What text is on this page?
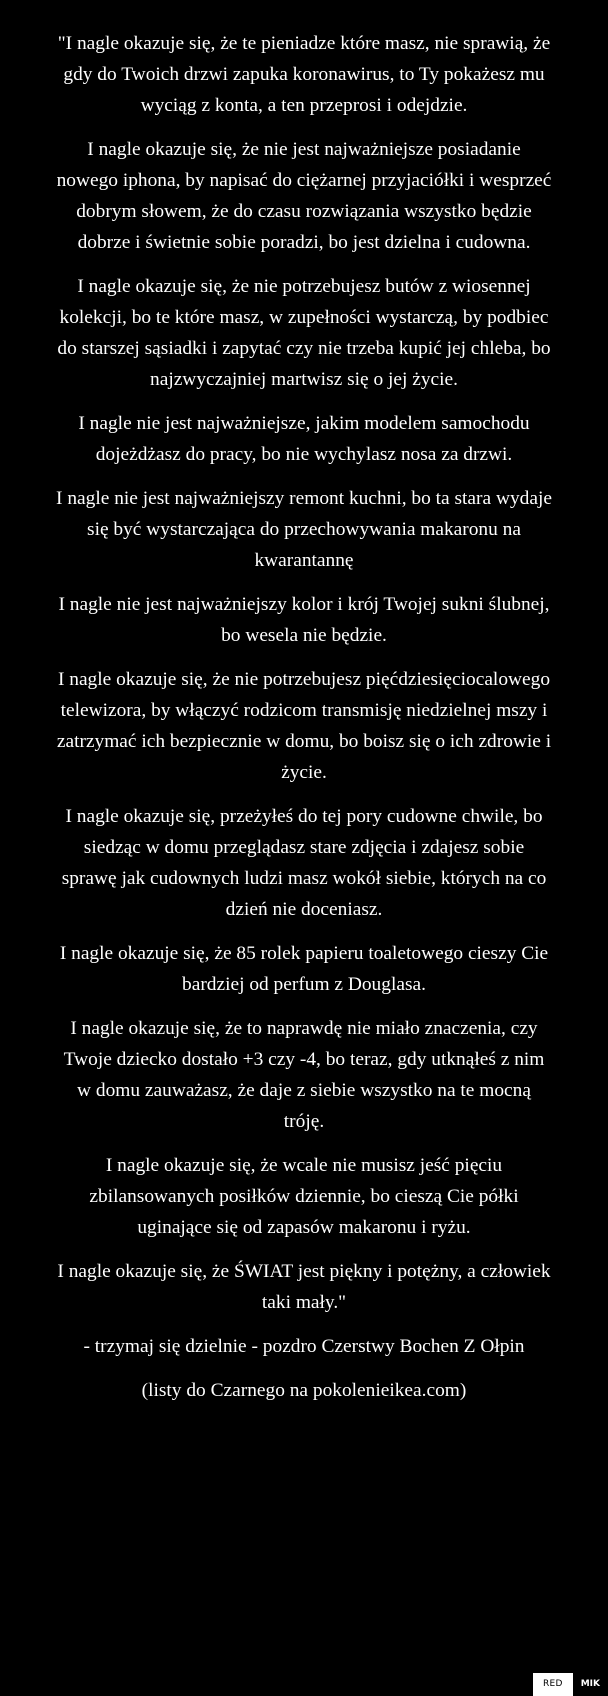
"I nagle okazuje się, że te pieniadze które masz, nie sprawią, że gdy do Twoich drzwi zapuka koronawirus, to Ty pokażesz mu wyciąg z konta, a ten przeprosi i odejdzie.

I nagle okazuje się, że nie jest najważniejsze posiadanie nowego iphona, by napisać do ciężarnej przyjaciółki i wesprzeć dobrym słowem, że do czasu rozwiązania wszystko będzie dobrze i świetnie sobie poradzi, bo jest dzielna i cudowna.

I nagle okazuje się, że nie potrzebujesz butów z wiosennej kolekcji, bo te które masz, w zupełności wystarczą, by podbiec do starszej sąsiadki i zapytać czy nie trzeba kupić jej chleba, bo najzwyczajniej martwisz się o jej życie.

I nagle nie jest najważniejsze, jakim modelem samochodu dojeżdżasz do pracy, bo nie wychylasz nosa za drzwi.

I nagle nie jest najważniejszy remont kuchni, bo ta stara wydaje się być wystarczająca do przechowywania makaronu na kwarantannę

I nagle nie jest najważniejszy kolor i krój Twojej sukni ślubnej, bo wesela nie będzie.

I nagle okazuje się, że nie potrzebujesz pięćdziesięciocalowego telewizora, by włączyć rodzicom transmisję niedzielnej mszy i zatrzymać ich bezpiecznie w domu, bo boisz się o ich zdrowie i życie.

I nagle okazuje się, przeżyłeś do tej pory cudowne chwile, bo siedząc w domu przeglądasz stare zdjęcia i zdajesz sobie sprawę jak cudownych ludzi masz wokół siebie, których na co dzień nie doceniasz.

I nagle okazuje się, że 85 rolek papieru toaletowego cieszy Cie bardziej od perfum z Douglasa.

I nagle okazuje się, że to naprawdę nie miało znaczenia, czy Twoje dziecko dostało +3 czy -4, bo teraz, gdy utknąłeś z nim w domu zauważasz, że daje z siebie wszystko na te mocną tróję.

I nagle okazuje się, że wcale nie musisz jeść pięciu zbilansowanych posiłków dziennie, bo cieszą Cie półki uginające się od zapasów makaronu i ryżu.

I nagle okazuje się, że ŚWIAT jest piękny i potężny, a człowiek taki mały."

- trzymaj się dzielnie - pozdro Czerstwy Bochen Z Ołpin

(listy do Czarnego na pokolenieikea.com)

RED	MIK
